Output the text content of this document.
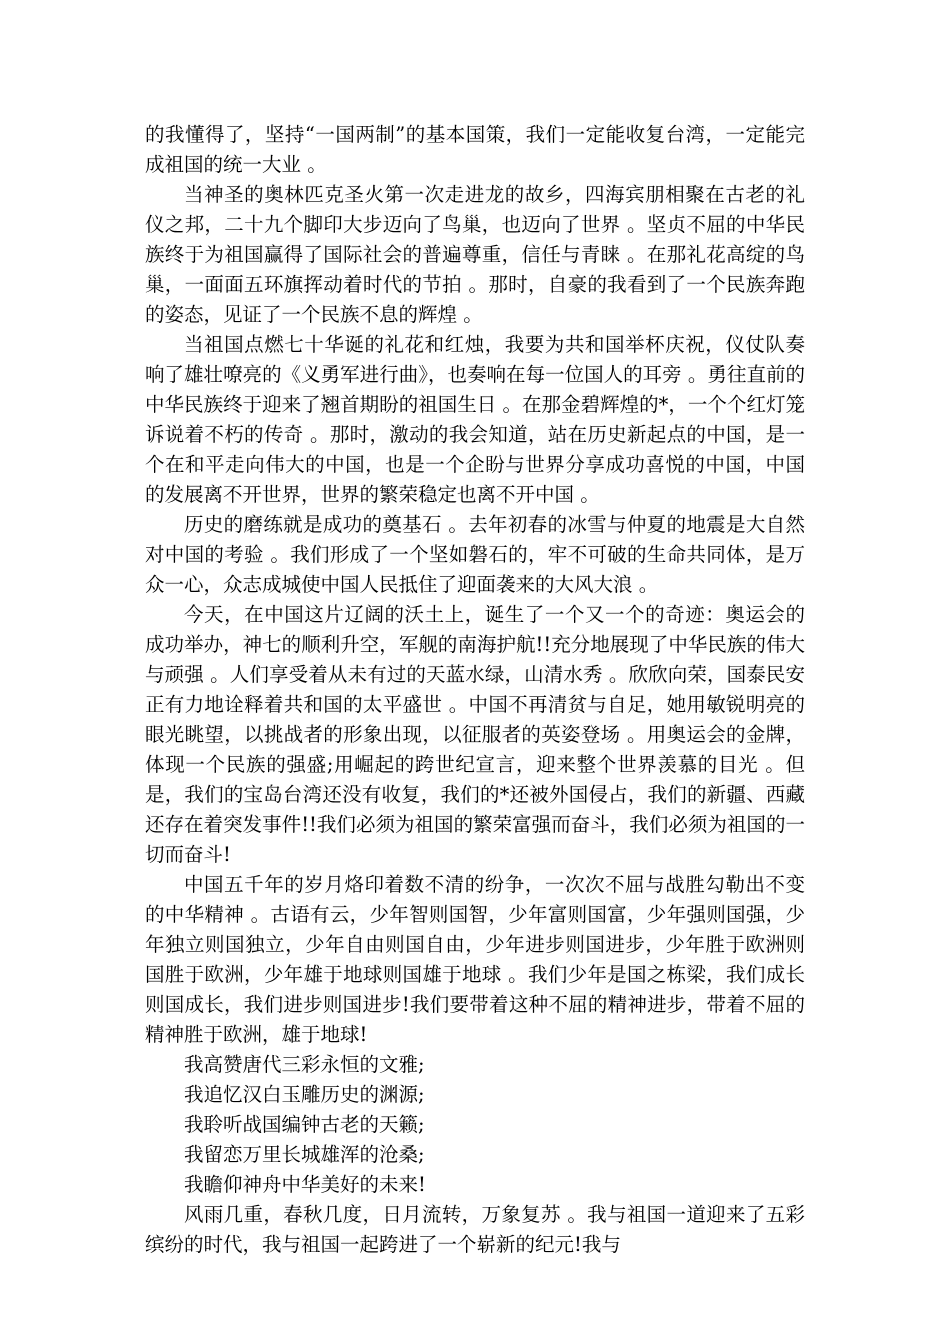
的我懂得了，坚持“一国两制”的基本国策，我们一定能收复台湾，一定能完成祖国的统一大业 。

当神圣的奥林匹克圣火第一次走进龙的故乡，四海宾朋相聚在古老的礼仪之邦，二十九个脚印大步迈向了鸟巢，也迈向了世界 。坚贞不屈的中华民族终于为祖国赢得了国际社会的普遍尊重，信任与青睐 。在那礼花高绽的鸟巢，一面面五环旗挥动着时代的节拍 。那时，自豪的我看到了一个民族奔跑的姿态，见证了一个民族不息的辉煌 。

当祖国点燃七十华诞的礼花和红烛，我要为共和国举杯庆祝，仪仗队奏响了雄壮嘹亮的《义勇军进行曲》，也奏响在每一位国人的耳旁 。勇往直前的中华民族终于迎来了翘首期盼的祖国生日 。在那金碧辉煌的*，一个个红灯笼诉说着不朽的传奇 。那时，激动的我会知道，站在历史新起点的中国，是一个在和平走向伟大的中国，也是一个企盼与世界分享成功喜悦的中国，中国的发展离不开世界，世界的繁荣稳定也离不开中国 。

历史的磨练就是成功的奠基石 。去年初春的冰雪与仲夏的地震是大自然对中国的考验 。我们形成了一个坚如磐石的，牢不可破的生命共同体，是万众一心，众志成城使中国人民抵住了迎面袭来的大风大浪 。

今天，在中国这片辽阔的沃土上，诞生了一个又一个的奇迹：奥运会的成功举办，神七的顺利升空，军舰的南海护航!!充分地展现了中华民族的伟大与顽强 。人们享受着从未有过的天蓝水绿，山清水秀 。欣欣向荣，国泰民安正有力地诠释着共和国的太平盛世 。中国不再清贫与自足，她用敏锐明亮的眼光眺望，以挑战者的形象出现，以征服者的英姿登场 。用奥运会的金牌，体现一个民族的强盛;用崛起的跨世纪宣言，迎来整个世界羡慕的目光 。但是，我们的宝岛台湾还没有收复，我们的*还被外国侵占，我们的新疆、西藏还存在着突发事件!!我们必须为祖国的繁荣富强而奋斗，我们必须为祖国的一切而奋斗!

中国五千年的岁月烙印着数不清的纷争，一次次不屈与战胜勾勒出不变的中华精神 。古语有云，少年智则国智，少年富则国富，少年强则国强，少年独立则国独立，少年自由则国自由，少年进步则国进步，少年胜于欧洲则国胜于欧洲，少年雄于地球则国雄于地球 。我们少年是国之栋梁，我们成长则国成长，我们进步则国进步!我们要带着这种不屈的精神进步，带着不屈的精神胜于欧洲，雄于地球!

我高赞唐代三彩永恒的文雅;

我追忆汉白玉雕历史的渊源;

我聆听战国编钟古老的天籁;

我留恋万里长城雄浑的沧桑;

我瞻仰神舟中华美好的未来!

风雨几重，春秋几度，日月流转，万象复苏 。我与祖国一道迎来了五彩缤纷的时代，我与祖国一起跨进了一个崭新的纪元!我与
